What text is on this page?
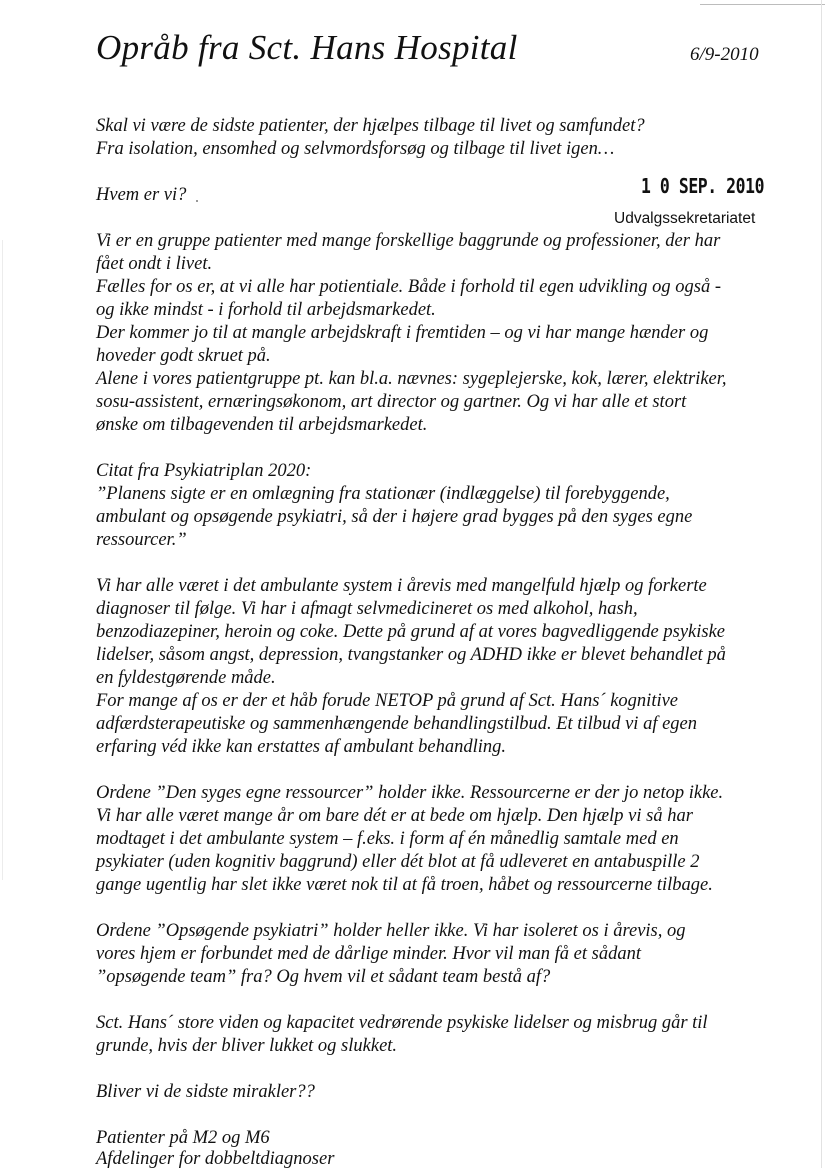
Opråb fra Sct. Hans Hospital	6/9-2010
1 0 SEP. 2010
Udvalgssekretariatet

Skal vi være de sidste patienter, der hjælpes tilbage til livet og samfundet?

Fra isolation, ensomhed og selvmordsforsøg og tilbage til livet igen…

Hvem er vi?

Vi er en gruppe patienter med mange forskellige baggrunde og professioner, der har

fået ondt i livet.

Fælles for os er, at vi alle har potientiale. Både i forhold til egen udvikling og også -

og ikke mindst - i forhold til arbejdsmarkedet.

Der kommer jo til at mangle arbejdskraft i fremtiden – og vi har mange hænder og

hoveder godt skruet på.

Alene i vores patientgruppe pt. kan bl.a. nævnes: sygeplejerske, kok, lærer, elektriker,

sosu-assistent, ernæringsøkonom, art director og gartner. Og vi har alle et stort

ønske om tilbagevenden til arbejdsmarkedet.

Citat fra Psykiatriplan 2020:

”Planens sigte er en omlægning fra stationær (indlæggelse) til forebyggende,

ambulant og opsøgende psykiatri, så der i højere grad bygges på den syges egne

ressourcer.”

Vi har alle været i det ambulante system i årevis med mangelfuld hjælp og forkerte

diagnoser til følge. Vi har i afmagt selvmedicineret os med alkohol, hash,

benzodiazepiner, heroin og coke. Dette på grund af at vores bagvedliggende psykiske

lidelser, såsom angst, depression, tvangstanker og ADHD ikke er blevet behandlet på

en fyldestgørende måde.

For mange af os er der et håb forude NETOP på grund af Sct. Hans´ kognitive

adfærdsterapeutiske og sammenhængende behandlingstilbud. Et tilbud vi af egen

erfaring véd ikke kan erstattes af ambulant behandling.

Ordene ”Den syges egne ressourcer” holder ikke. Ressourcerne er der jo netop ikke.

Vi har alle været mange år om bare dét er at bede om hjælp. Den hjælp vi så har

modtaget i det ambulante system – f.eks. i form af én månedlig samtale med en

psykiater (uden kognitiv baggrund) eller dét blot at få udleveret en antabuspille 2

gange ugentlig har slet ikke været nok til at få troen, håbet og ressourcerne tilbage.

Ordene ”Opsøgende psykiatri” holder heller ikke. Vi har isoleret os i årevis, og

vores hjem er forbundet med de dårlige minder. Hvor vil man få et sådant

”opsøgende team” fra? Og hvem vil et sådant team bestå af?

Sct. Hans´ store viden og kapacitet vedrørende psykiske lidelser og misbrug går til

grunde, hvis der bliver lukket og slukket.

Bliver vi de sidste mirakler??

Patienter på M2 og M6

Afdelinger for dobbeltdiagnoser
